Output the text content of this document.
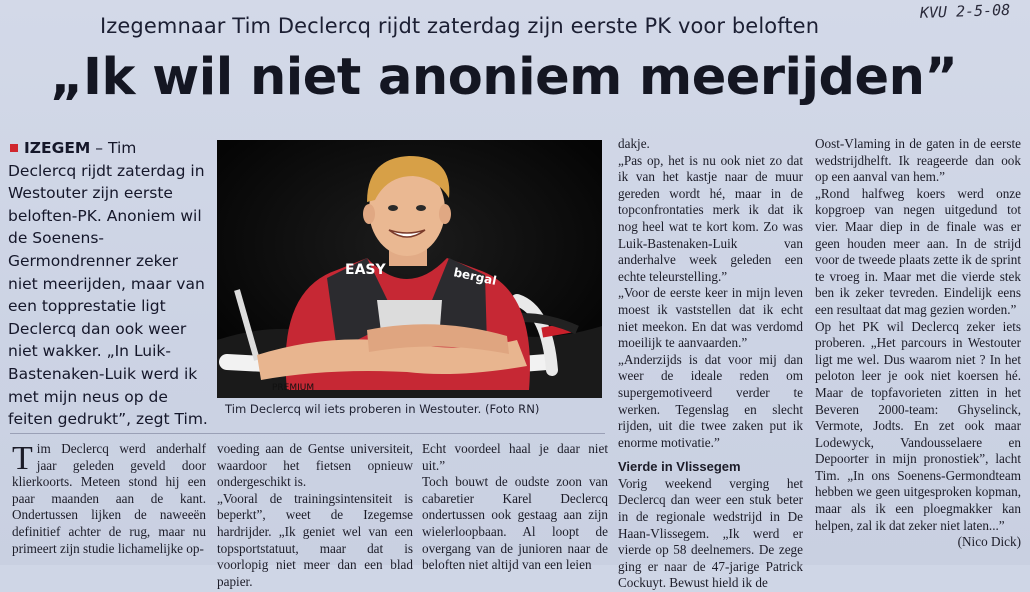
KVU 2-5-08
Izegemnaar Tim Declercq rijdt zaterdag zijn eerste PK voor beloften
„Ik wil niet anoniem meerijden”
IZEGEM – Tim Declercq rijdt zaterdag in Westouter zijn eerste beloften-PK. Anoniem wil de Soenens-Germondrenner zeker niet meerijden, maar van een topprestatie ligt Declercq dan ook weer niet wakker. „In Luik-Bastenaken-Luik werd ik met mijn neus op de feiten gedrukt”, zegt Tim.
EASY	bergal
PREMIUM
Tim Declercq wil iets proberen in Westouter. (Foto RN)
Tim Declercq werd anderhalf jaar geleden geveld door klierkoorts. Meteen stond hij een paar maanden aan de kant. Ondertussen lijken de naweeën definitief achter de rug, maar nu primeert zijn studie lichamelijke op-

voeding aan de Gentse universiteit, waardoor het fietsen opnieuw ondergeschikt is.

„Vooral de trainingsintensiteit is beperkt”, weet de Izegemse hardrijder. „Ik geniet wel van een topsportstatuut, maar dat is voorlopig niet meer dan een blad papier.

Echt voordeel haal je daar niet uit.”

Toch bouwt de oudste zoon van cabaretier Karel Declercq ondertussen ook gestaag aan zijn wielerloopbaan. Al loopt de overgang van de junioren naar de beloften niet altijd van een leien

dakje.

„Pas op, het is nu ook niet zo dat ik van het kastje naar de muur gereden wordt hé, maar in de topconfrontaties merk ik dat ik nog heel wat te kort kom. Zo was Luik-Bastenaken-Luik van anderhalve week geleden een echte teleurstelling.”

„Voor de eerste keer in mijn leven moest ik vaststellen dat ik echt niet meekon. En dat was verdomd moeilijk te aanvaarden.”

„Anderzijds is dat voor mij dan weer de ideale reden om supergemotiveerd verder te werken. Tegenslag en slecht rijden, uit die twee zaken put ik enorme motivatie.”

Vierde in Vlissegem

Vorig weekend verging het Declercq dan weer een stuk beter in de regionale wedstrijd in De Haan-Vlissegem. „Ik werd er vierde op 58 deelnemers. De zege ging er naar de 47-jarige Patrick Cockuyt. Bewust hield ik de

Oost-Vlaming in de gaten in de eerste wedstrijdhelft. Ik reageerde dan ook op een aanval van hem.”

„Rond halfweg koers werd onze kopgroep van negen uitgedund tot vier. Maar diep in de finale was er geen houden meer aan. In de strijd voor de tweede plaats zette ik de sprint te vroeg in. Maar met die vierde stek ben ik zeker tevreden. Eindelijk eens een resultaat dat mag gezien worden.”

Op het PK wil Declercq zeker iets proberen. „Het parcours in Westouter ligt me wel. Dus waarom niet ? In het peloton leer je ook niet koersen hé. Maar de topfavorieten zitten in het Beveren 2000-team: Ghyselinck, Vermote, Jodts. En zet ook maar Lodewyck, Vandousselaere en Depoorter in mijn pronostiek”, lacht Tim. „In ons Soenens-Germondteam hebben we geen uitgesproken kopman, maar als ik een ploegmakker kan helpen, zal ik dat zeker niet laten...”

(Nico Dick)
